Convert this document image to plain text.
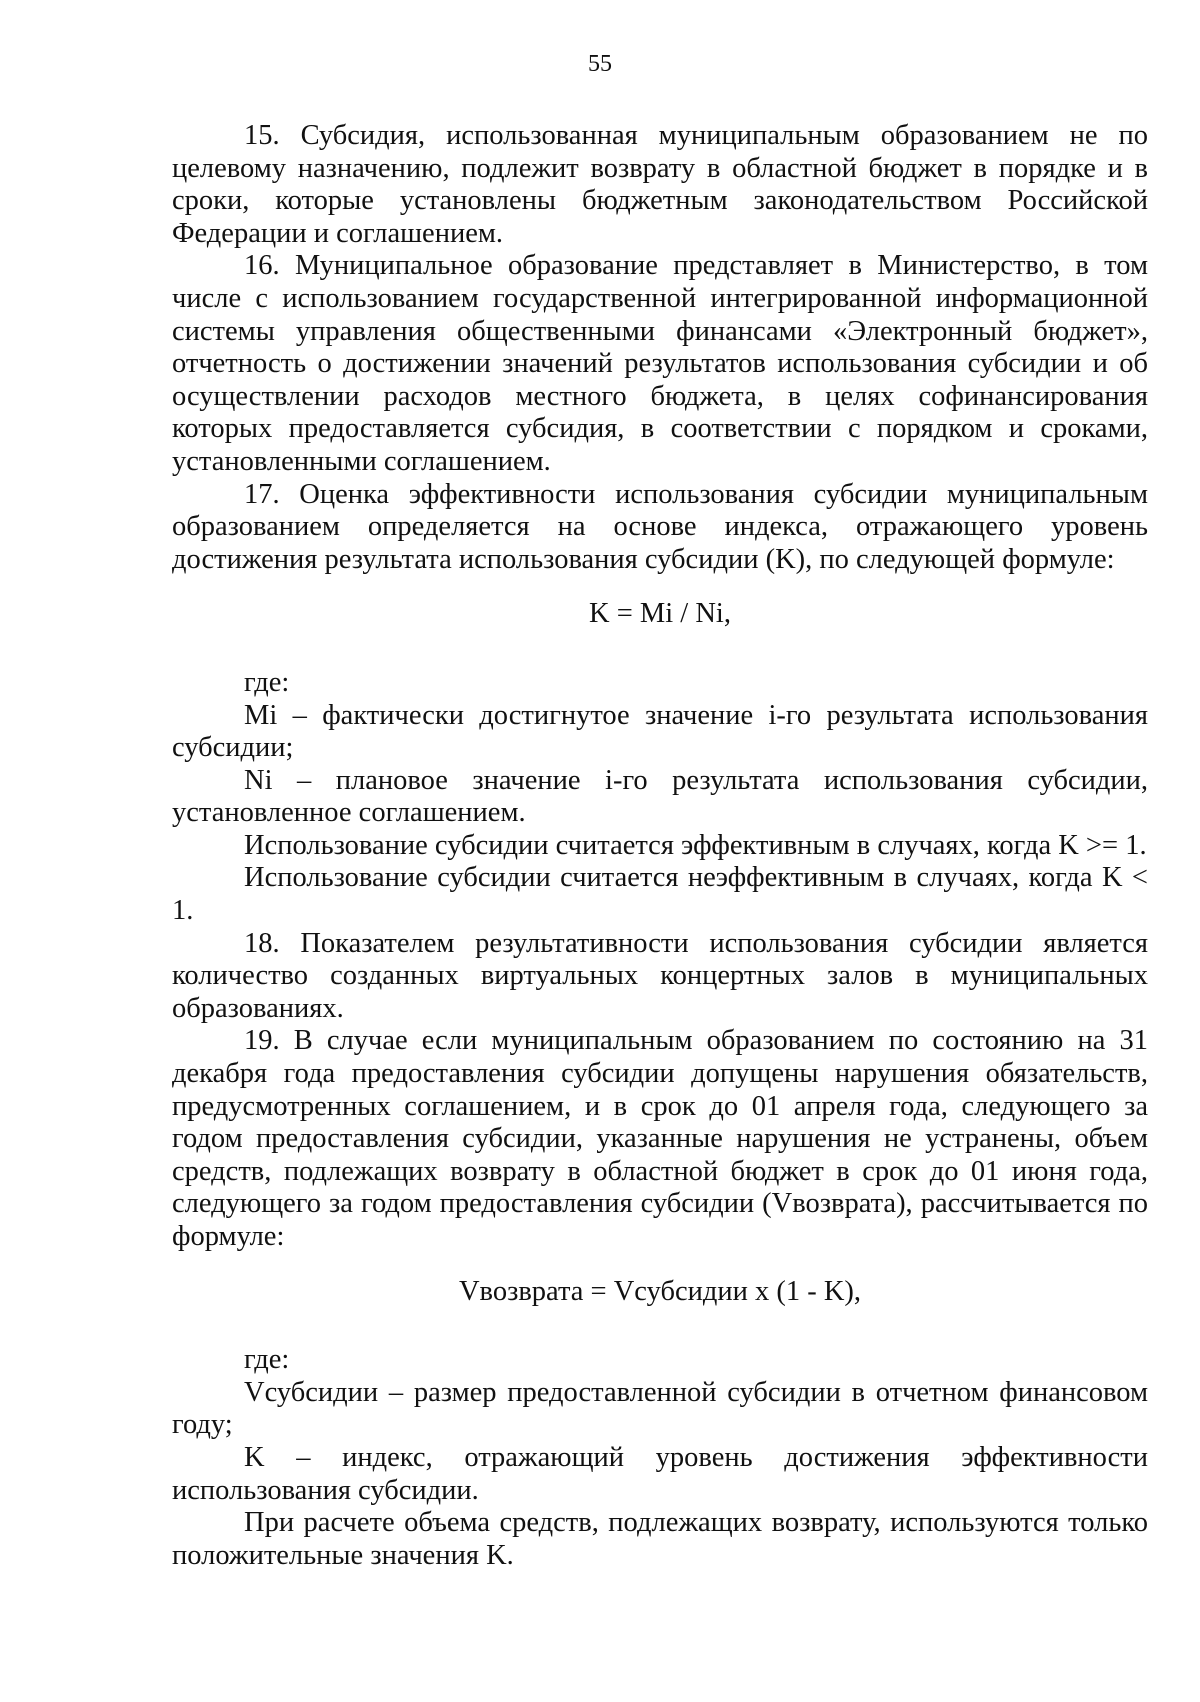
55

15. Субсидия, использованная муниципальным образованием не по целевому назначению, подлежит возврату в областной бюджет в порядке и в сроки, которые установлены бюджетным законодательством Российской Федерации и соглашением.

16. Муниципальное образование представляет в Министерство, в том числе с использованием государственной интегрированной информационной системы управления общественными финансами «Электронный бюджет», отчетность о достижении значений результатов использования субсидии и об осуществлении расходов местного бюджета, в целях софинансирования которых предоставляется субсидия, в соответствии с порядком и сроками, установленными соглашением.

17. Оценка эффективности использования субсидии муниципальным образованием определяется на основе индекса, отражающего уровень достижения результата использования субсидии (K), по следующей формуле:

K = Mi / Ni,

где:

Mi – фактически достигнутое значение i-го результата использования субсидии;

Ni – плановое значение i-го результата использования субсидии, установленное соглашением.

Использование субсидии считается эффективным в случаях, когда K >= 1.

Использование субсидии считается неэффективным в случаях, когда K < 1.

18. Показателем результативности использования субсидии является количество созданных виртуальных концертных залов в муниципальных образованиях.

19. В случае если муниципальным образованием по состоянию на 31 декабря года предоставления субсидии допущены нарушения обязательств, предусмотренных соглашением, и в срок до 01 апреля года, следующего за годом предоставления субсидии, указанные нарушения не устранены, объем средств, подлежащих возврату в областной бюджет в срок до 01 июня года, следующего за годом предоставления субсидии (Vвозврата), рассчитывается по формуле:

Vвозврата = Vсубсидии x (1 - K),

где:

Vсубсидии – размер предоставленной субсидии в отчетном финансовом году;

K – индекс, отражающий уровень достижения эффективности использования субсидии.

При расчете объема средств, подлежащих возврату, используются только положительные значения K.
